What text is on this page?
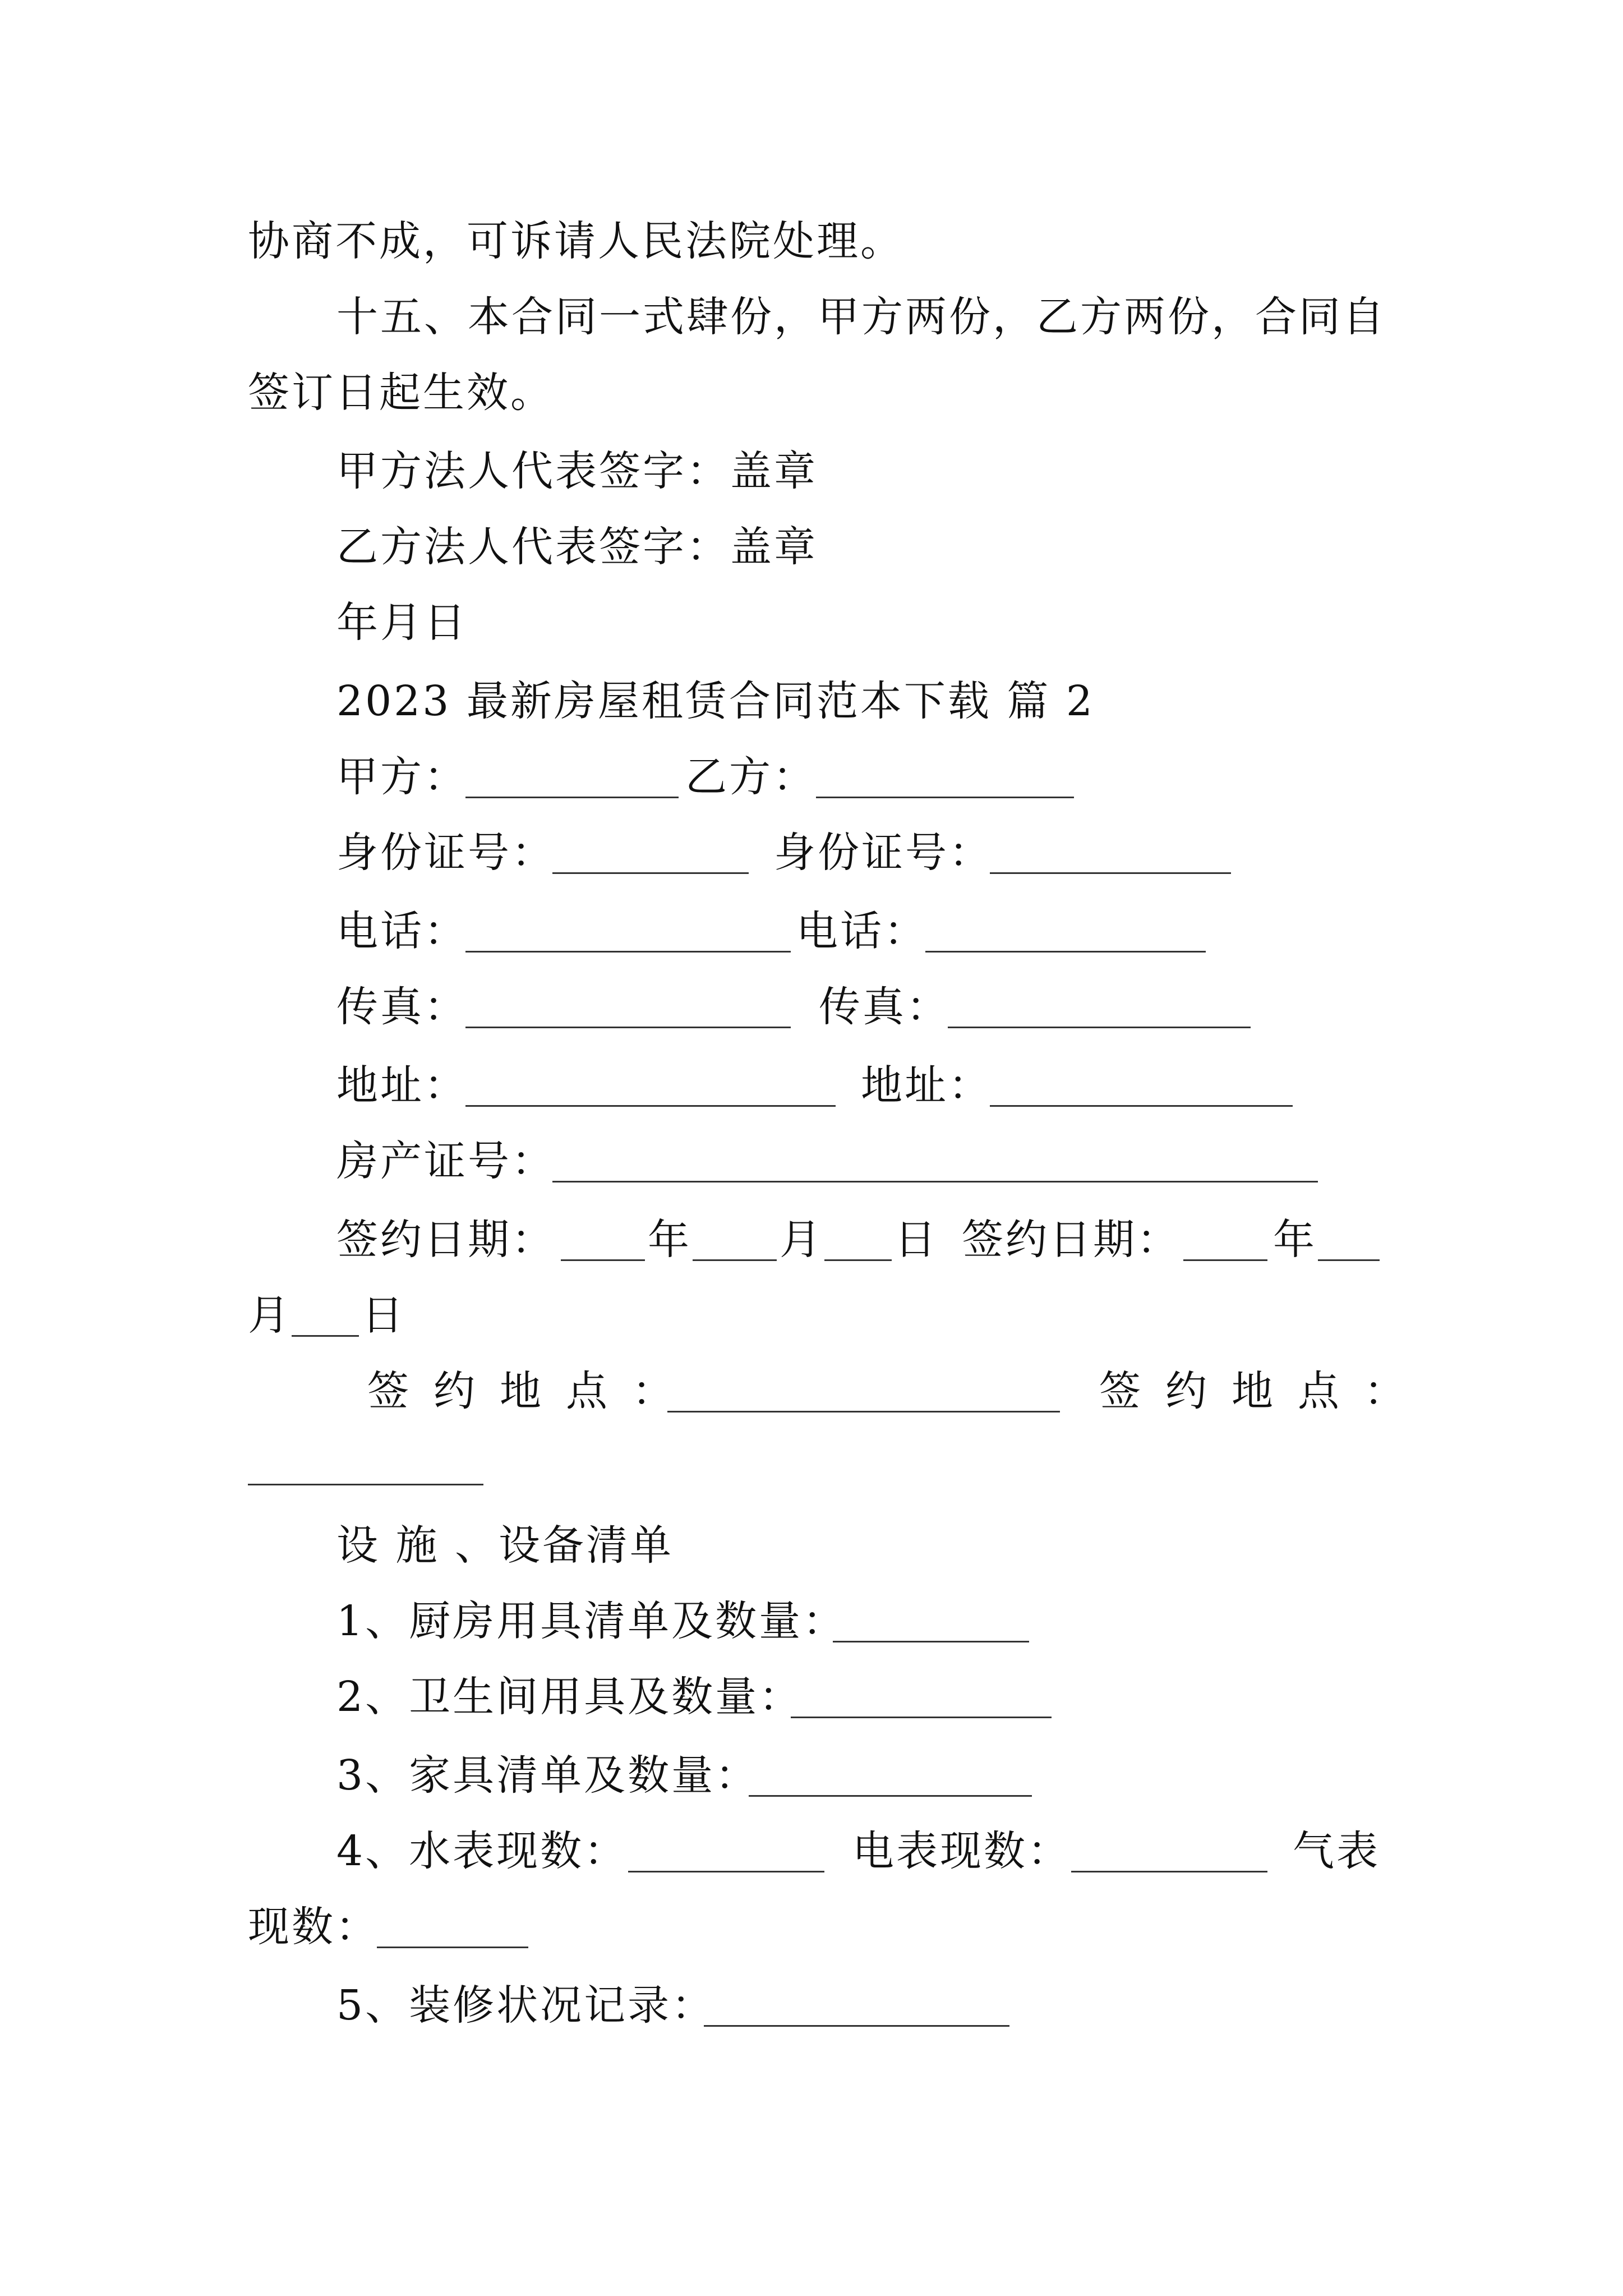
协商不成，可诉请人民法院处理。
十五、本合同一式肆份，甲方两份，乙方两份，合同自
签订日起生效。
甲方法人代表签字：盖章
乙方法人代表签字：盖章
年月日
2023 最新房屋租赁合同范本下载 篇 2
甲方：	乙方：
身份证号：	身份证号：
电话：	电话：
传真：	传真：
地址：	地址：
房产证号：
签约日期： 年 月 日 签约日期： 年
月 日
签约地点：	签约地点：
设 施 、设备清单
1、厨房用具清单及数量：
2、卫生间用具及数量：
3、家具清单及数量：
4、水表现数：	电表现数：	气表
现数：
5、装修状况记录：
